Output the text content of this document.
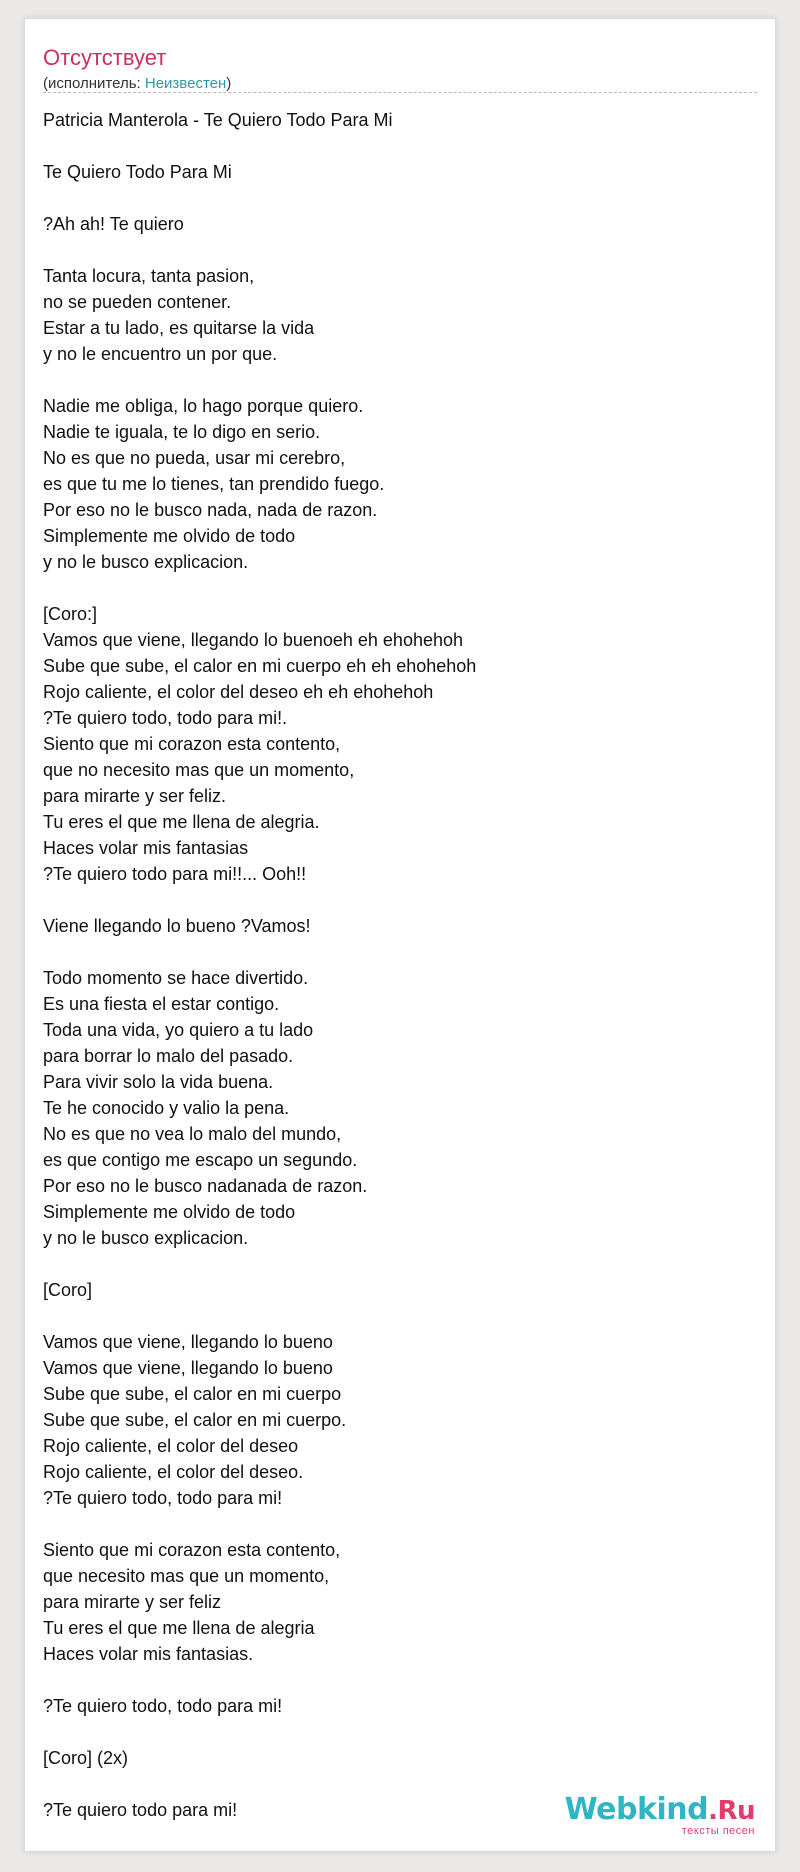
Отсутствует
(исполнитель: Неизвестен)
Patricia Manterola - Te Quiero Todo Para Mi
Te Quiero Todo Para Mi
?Ah ah! Te quiero
Tanta locura, tanta pasion,
no se pueden contener.
Estar a tu lado, es quitarse la vida
y no le encuentro un por que.
Nadie me obliga, lo hago porque quiero.
Nadie te iguala, te lo digo en serio.
No es que no pueda, usar mi cerebro,
es que tu me lo tienes, tan prendido fuego.
Por eso no le busco nada, nada de razon.
Simplemente me olvido de todo
y no le busco explicacion.
[Coro:]
Vamos que viene, llegando lo buenoeh eh ehohehoh
Sube que sube, el calor en mi cuerpo eh eh ehohehoh
Rojo caliente, el color del deseo eh eh ehohehoh
?Te quiero todo, todo para mi!.
Siento que mi corazon esta contento,
que no necesito mas que un momento,
para mirarte y ser feliz.
Tu eres el que me llena de alegria.
Haces volar mis fantasias
?Te quiero todo para mi!!... Ooh!!
Viene llegando lo bueno ?Vamos!
Todo momento se hace divertido.
Es una fiesta el estar contigo.
Toda una vida, yo quiero a tu lado
para borrar lo malo del pasado.
Para vivir solo la vida buena.
Te he conocido y valio la pena.
No es que no vea lo malo del mundo,
es que contigo me escapo un segundo.
Por eso no le busco nadanada de razon.
Simplemente me olvido de todo
y no le busco explicacion.
[Coro]
Vamos que viene, llegando lo bueno
Vamos que viene, llegando lo bueno
Sube que sube, el calor en mi cuerpo
Sube que sube, el calor en mi cuerpo.
Rojo caliente, el color del deseo
Rojo caliente, el color del deseo.
?Te quiero todo, todo para mi!
Siento que mi corazon esta contento,
que necesito mas que un momento,
para mirarte y ser feliz
Tu eres el que me llena de alegria
Haces volar mis fantasias.
?Te quiero todo, todo para mi!
[Coro] (2x)
?Te quiero todo para mi!	Webkind.Ru
тексты песен
